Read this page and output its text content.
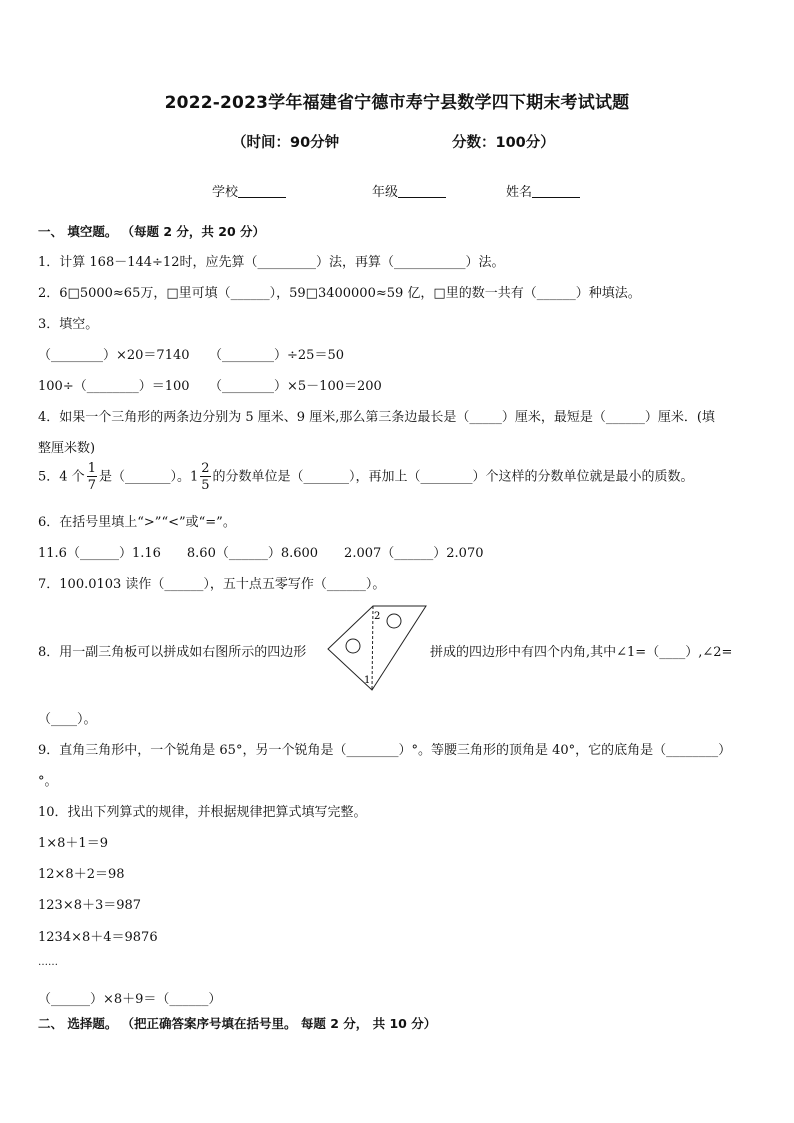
2022-2023学年福建省宁德市寿宁县数学四下期末考试试题
（时间：90分钟	分数：100分）
学校	年级	姓名
一、 填空题。 （每题 2 分，共 20 分）
1．计算 168－144÷12时，应先算（_________）法，再算（___________）法。
2．6□5000≈65万，□里可填（______），59□3400000≈59 亿，□里的数一共有（______）种填法。
3．填空。
（________）×20＝7140　　（________）÷25＝50
100÷（________）＝100　　（________）×5－100＝200
4．如果一个三角形的两条边分别为 5 厘米、9 厘米,那么第三条边最长是（_____）厘米，最短是（______）厘米．(填
整厘米数)
5．4 个 $\frac{1}{7}$ 是（_______）。$1 \frac{2}{5}$ 的分数单位是（_______），再加上（________）个这样的分数单位就是最小的质数。
6．在括号里填上“>”“<”或“=”。
11.6（______）1.16　　8.60（______）8.600　　2.007（______）2.070
7．100.0103 读作（______），五十点五零写作（______）。
8．用一副三角板可以拼成如右图所示的四边形
2
1
拼成的四边形中有四个内角,其中∠1=（____）,∠2=
（____）。
9．直角三角形中，一个锐角是 65°，另一个锐角是（________）°。等腰三角形的顶角是 40°，它的底角是（________）
°。
10．找出下列算式的规律，并根据规律把算式填写完整。
1×8＋1＝9
12×8＋2＝98
123×8＋3＝987
1234×8＋4＝9876
……
（______）×8＋9＝（______）
二、 选择题。 （把正确答案序号填在括号里。 每题 2 分， 共 10 分）
